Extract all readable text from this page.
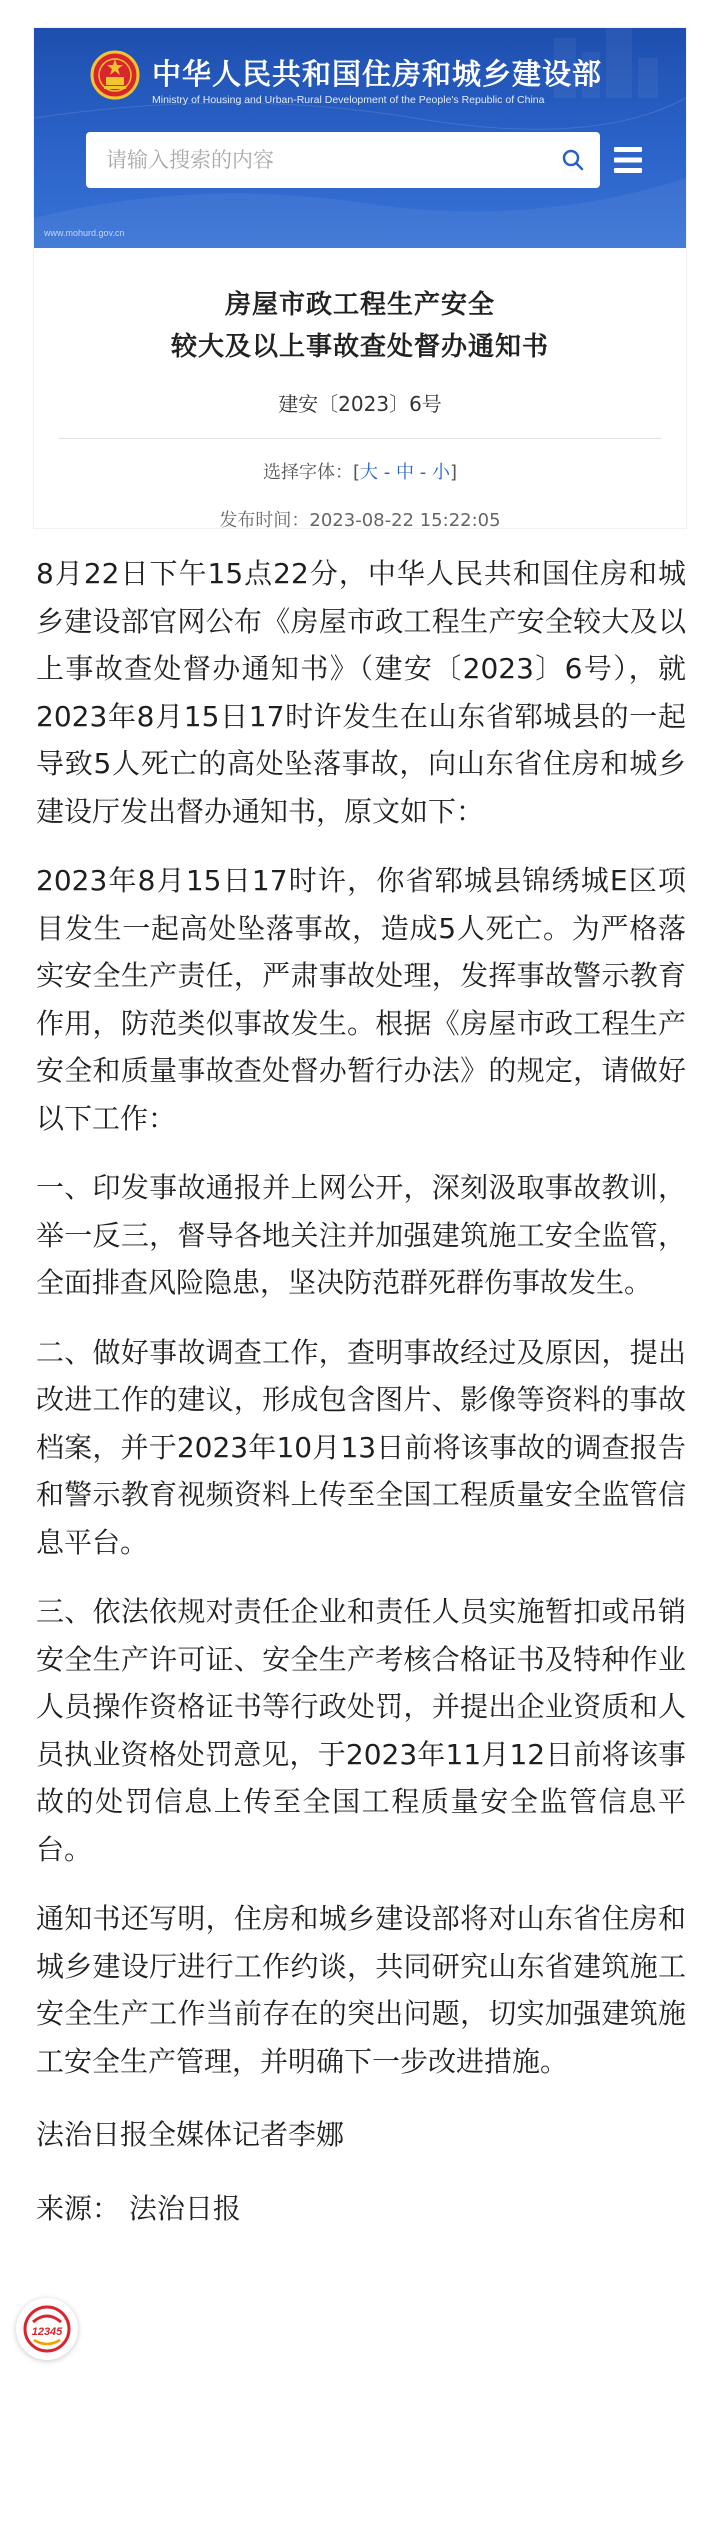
中华人民共和国住房和城乡建设部
Ministry of Housing and Urban-Rural Development of the People's Republic of China
请输入搜索的内容
www.mohurd.gov.cn
房屋市政工程生产安全
较大及以上事故查处督办通知书
建安〔2023〕6号
选择字体：[大 - 中 - 小]
发布时间：2023-08-22 15:22:05

8月22日下午15点22分，中华人民共和国住房和城乡建设部官网公布《房屋市政工程生产安全较大及以上事故查处督办通知书》（建安〔2023〕6号），就2023年8月15日17时许发生在山东省郓城县的一起导致5人死亡的高处坠落事故，向山东省住房和城乡建设厅发出督办通知书，原文如下：

2023年8月15日17时许，你省郓城县锦绣城E区项目发生一起高处坠落事故，造成5人死亡。为严格落实安全生产责任，严肃事故处理，发挥事故警示教育作用，防范类似事故发生。根据《房屋市政工程生产安全和质量事故查处督办暂行办法》的规定，请做好以下工作：

一、印发事故通报并上网公开，深刻汲取事故教训，举一反三，督导各地关注并加强建筑施工安全监管，全面排查风险隐患，坚决防范群死群伤事故发生。

二、做好事故调查工作，查明事故经过及原因，提出改进工作的建议，形成包含图片、影像等资料的事故档案，并于2023年10月13日前将该事故的调查报告和警示教育视频资料上传至全国工程质量安全监管信息平台。

三、依法依规对责任企业和责任人员实施暂扣或吊销安全生产许可证、安全生产考核合格证书及特种作业人员操作资格证书等行政处罚，并提出企业资质和人员执业资格处罚意见，于2023年11月12日前将该事故的处罚信息上传至全国工程质量安全监管信息平台。

通知书还写明，住房和城乡建设部将对山东省住房和城乡建设厅进行工作约谈，共同研究山东省建筑施工安全生产工作当前存在的突出问题，切实加强建筑施工安全生产管理，并明确下一步改进措施。

法治日报全媒体记者李娜

来源： 法治日报

12345
